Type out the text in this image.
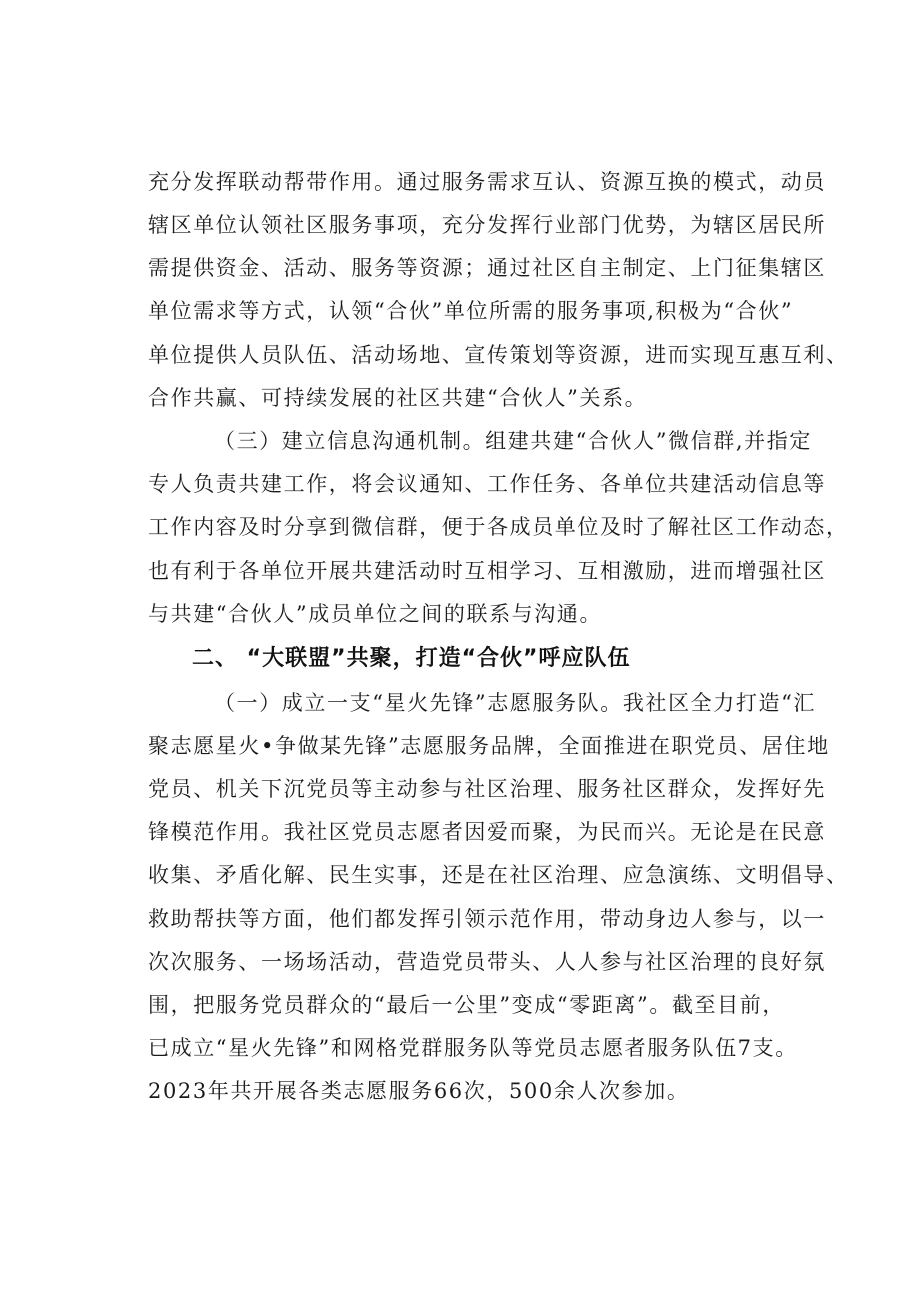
充分发挥联动帮带作用。通过服务需求互认、资源互换的模式，动员
辖区单位认领社区服务事项，充分发挥行业部门优势，为辖区居民所
需提供资金、活动、服务等资源；通过社区自主制定、上门征集辖区
单位需求等方式，认领“合伙”单位所需的服务事项,积极为“合伙”
单位提供人员队伍、活动场地、宣传策划等资源，进而实现互惠互利、
合作共赢、可持续发展的社区共建“合伙人”关系。
（三）建立信息沟通机制。组建共建“合伙人”微信群,并指定
专人负责共建工作，将会议通知、工作任务、各单位共建活动信息等
工作内容及时分享到微信群，便于各成员单位及时了解社区工作动态，
也有利于各单位开展共建活动时互相学习、互相激励，进而增强社区
与共建“合伙人”成员单位之间的联系与沟通。
二、 “大联盟”共聚，打造“合伙”呼应队伍
（一）成立一支“星火先锋”志愿服务队。我社区全力打造“汇
聚志愿星火•争做某先锋”志愿服务品牌，全面推进在职党员、居住地
党员、机关下沉党员等主动参与社区治理、服务社区群众，发挥好先
锋模范作用。我社区党员志愿者因爱而聚，为民而兴。无论是在民意
收集、矛盾化解、民生实事，还是在社区治理、应急演练、文明倡导、
救助帮扶等方面，他们都发挥引领示范作用，带动身边人参与，以一
次次服务、一场场活动，营造党员带头、人人参与社区治理的良好氛
围，把服务党员群众的“最后一公里”变成“零距离”。截至目前，
已成立“星火先锋”和网格党群服务队等党员志愿者服务队伍7支。
2023年共开展各类志愿服务66次，500余人次参加。
